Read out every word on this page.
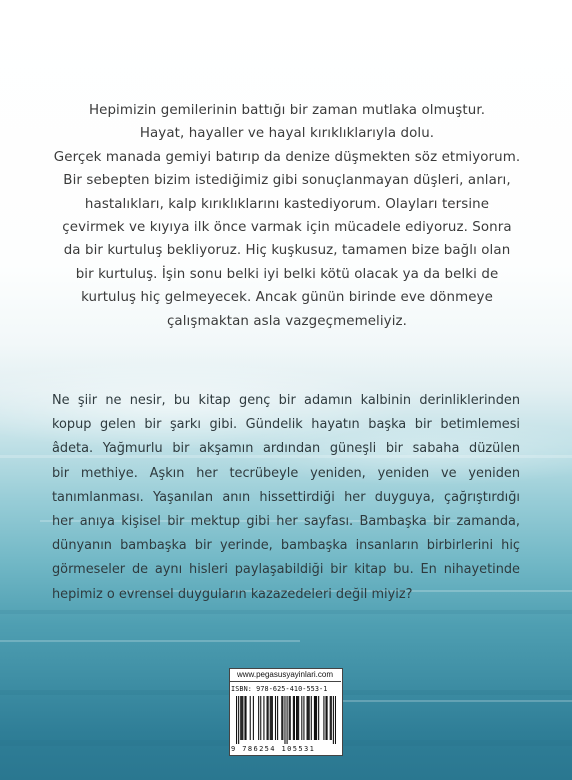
Hepimizin gemilerinin battığı bir zaman mutlaka olmuştur.
Hayat, hayaller ve hayal kırıklıklarıyla dolu.
Gerçek manada gemiyi batırıp da denize düşmekten söz etmiyorum.
Bir sebepten bizim istediğimiz gibi sonuçlanmayan düşleri, anları,
hastalıkları, kalp kırıklıklarını kastediyorum. Olayları tersine
çevirmek ve kıyıya ilk önce varmak için mücadele ediyoruz. Sonra
da bir kurtuluş bekliyoruz. Hiç kuşkusuz, tamamen bize bağlı olan
bir kurtuluş. İşin sonu belki iyi belki kötü olacak ya da belki de
kurtuluş hiç gelmeyecek. Ancak günün birinde eve dönmeye
çalışmaktan asla vazgeçmemeliyiz.
Ne şiir ne nesir, bu kitap genç bir adamın kalbinin derinliklerinden
kopup gelen bir şarkı gibi. Gündelik hayatın başka bir betimlemesi
âdeta. Yağmurlu bir akşamın ardından güneşli bir sabaha düzülen
bir methiye. Aşkın her tecrübeyle yeniden, yeniden ve yeniden
tanımlanması. Yaşanılan anın hissettirdiği her duyguya, çağrıştırdığı
her anıya kişisel bir mektup gibi her sayfası. Bambaşka bir zamanda,
dünyanın bambaşka bir yerinde, bambaşka insanların birbirlerini hiç
görmeseler de aynı hisleri paylaşabildiği bir kitap bu. En nihayetinde
hepimiz o evrensel duyguların kazazedeleri değil miyiz?
www.pegasusyayinlari.com
ISBN: 978-625-410-553-1
9 786254 105531
